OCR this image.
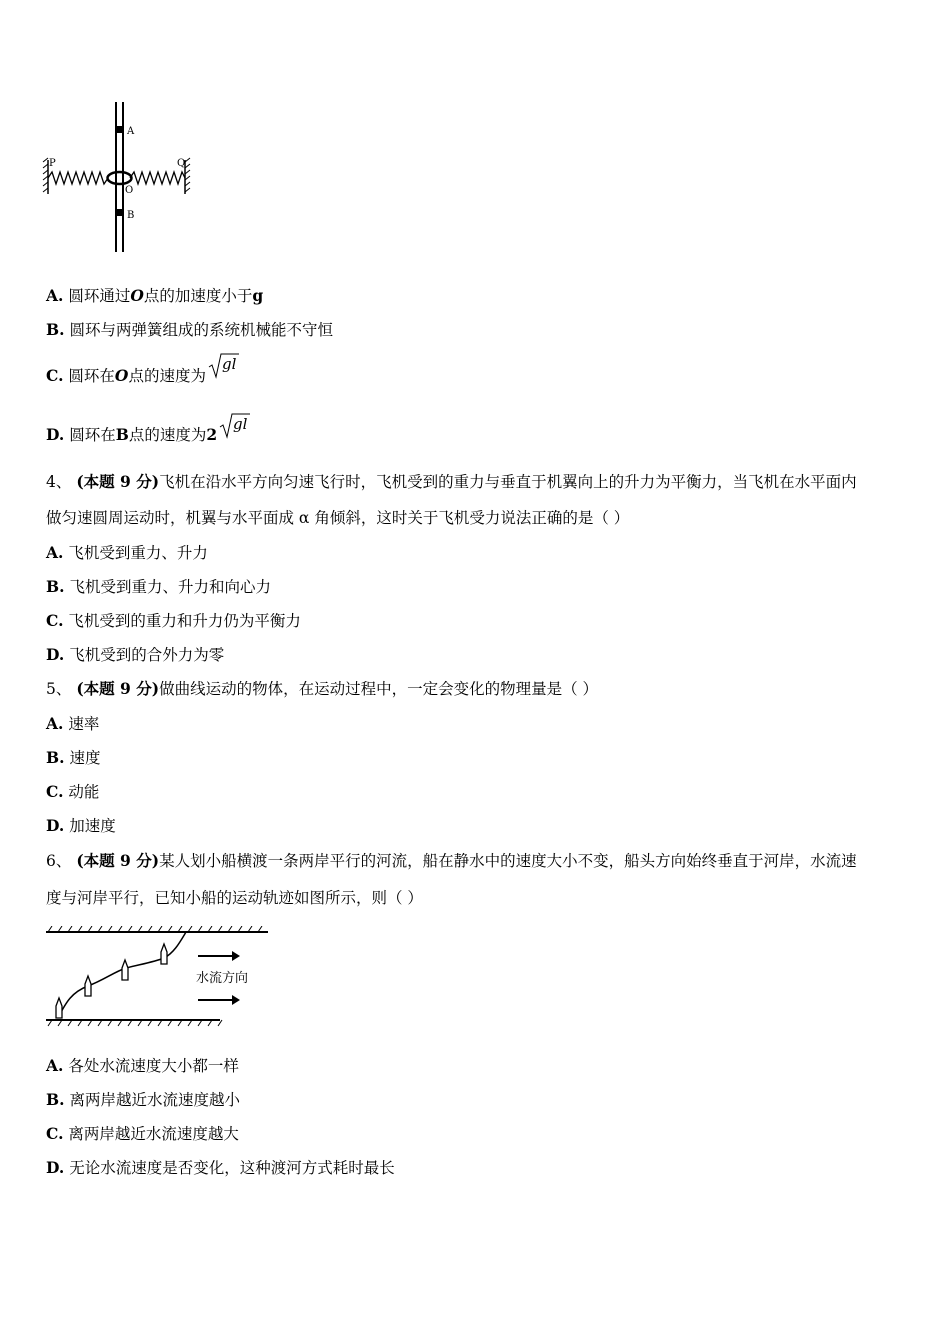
A
B
O
P	Q
A. 圆环通过O点的加速度小于g
B. 圆环与两弹簧组成的系统机械能不守恒
C. 圆环在O点的速度为
gl
D. 圆环在B点的速度为2
gl
4、 (本题 9 分)飞机在沿水平方向匀速飞行时，飞机受到的重力与垂直于机翼向上的升力为平衡力，当飞机在水平面内
做匀速圆周运动时，机翼与水平面成 α 角倾斜，这时关于飞机受力说法正确的是（ ）
A. 飞机受到重力、升力
B. 飞机受到重力、升力和向心力
C. 飞机受到的重力和升力仍为平衡力
D. 飞机受到的合外力为零
5、 (本题 9 分)做曲线运动的物体，在运动过程中，一定会变化的物理量是（ ）
A. 速率
B. 速度
C. 动能
D. 加速度
6、 (本题 9 分)某人划小船横渡一条两岸平行的河流，船在静水中的速度大小不变，船头方向始终垂直于河岸，水流速
度与河岸平行，已知小船的运动轨迹如图所示，则（ ）
水流方向
A. 各处水流速度大小都一样
B. 离两岸越近水流速度越小
C. 离两岸越近水流速度越大
D. 无论水流速度是否变化，这种渡河方式耗时最长
